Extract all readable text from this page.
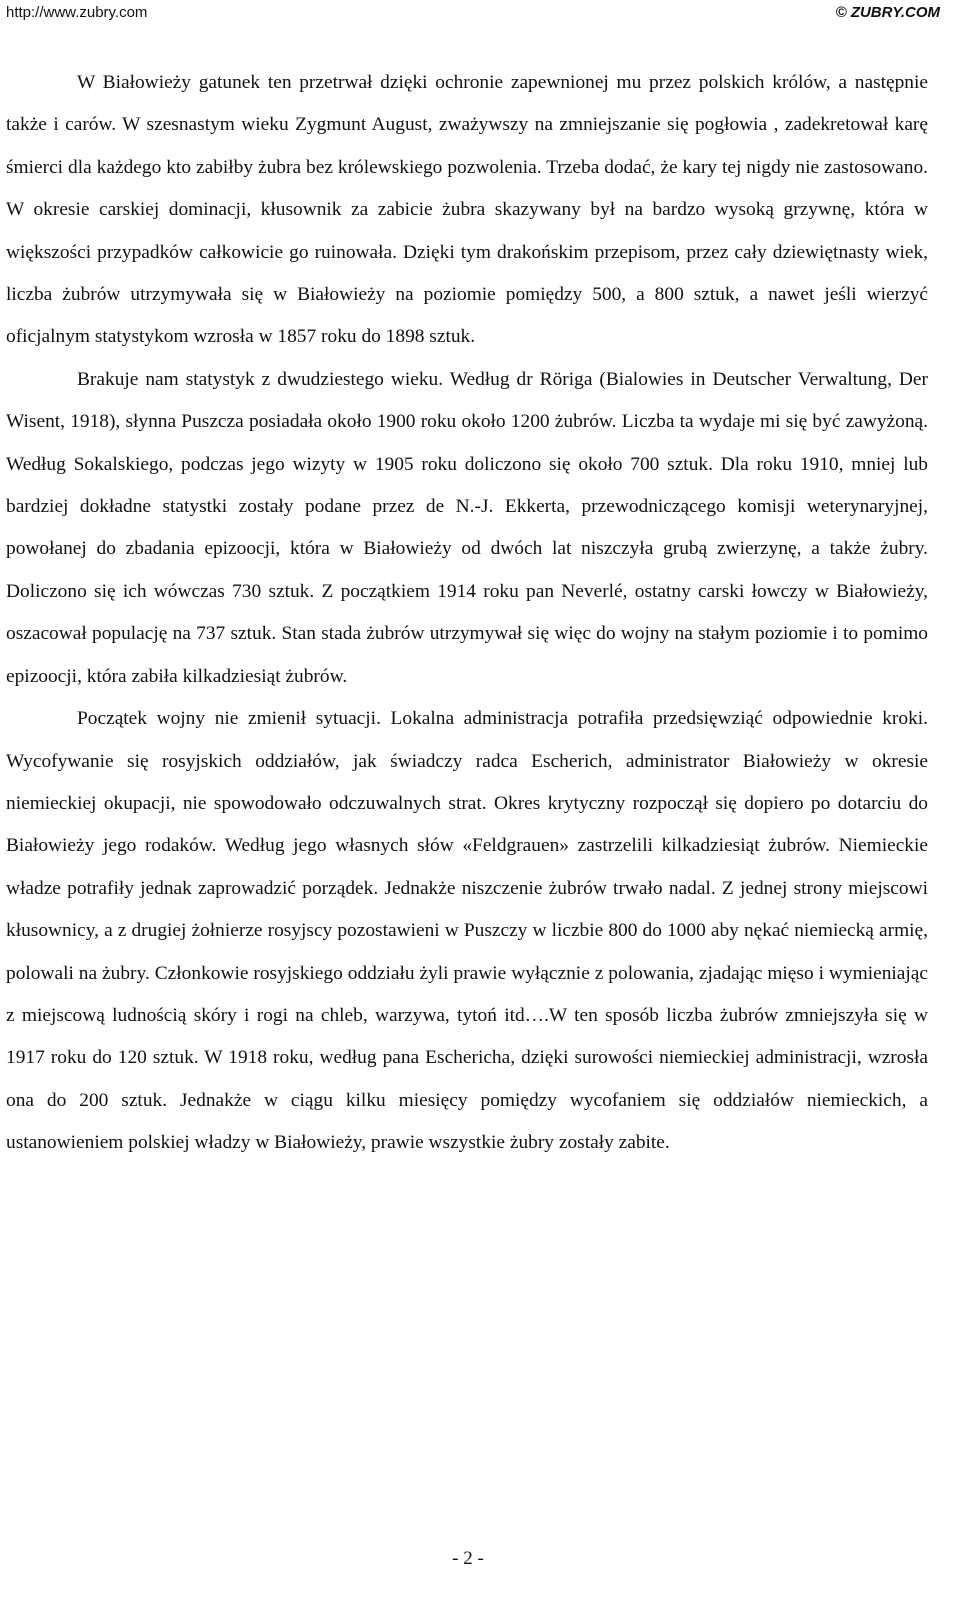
http://www.zubry.com	© ZUBRY.COM

W Białowieży gatunek ten przetrwał dzięki ochronie zapewnionej mu przez polskich królów, a następnie także i carów. W szesnastym wieku Zygmunt August, zważywszy na zmniejszanie się pogłowia , zadekretował karę śmierci dla każdego kto zabiłby żubra bez królewskiego pozwolenia. Trzeba dodać, że kary tej nigdy nie zastosowano. W okresie carskiej dominacji, kłusownik za zabicie żubra skazywany był na bardzo wysoką grzywnę, która w większości przypadków całkowicie go ruinowała. Dzięki tym drakońskim przepisom, przez cały dziewiętnasty wiek, liczba żubrów utrzymywała się w Białowieży na poziomie pomiędzy 500, a 800 sztuk, a nawet jeśli wierzyć oficjalnym statystykom wzrosła w 1857 roku do 1898 sztuk.

Brakuje nam statystyk z dwudziestego wieku. Według dr Röriga (Bialowies in Deutscher Verwaltung, Der Wisent, 1918), słynna Puszcza posiadała około 1900 roku około 1200 żubrów. Liczba ta wydaje mi się być zawyżoną. Według Sokalskiego, podczas jego wizyty w 1905 roku doliczono się około 700 sztuk. Dla roku 1910, mniej lub bardziej dokładne statystki zostały podane przez de N.-J. Ekkerta, przewodniczącego komisji weterynaryjnej, powołanej do zbadania epizoocji, która w Białowieży od dwóch lat niszczyła grubą zwierzynę, a także żubry. Doliczono się ich wówczas 730 sztuk. Z początkiem 1914 roku pan Neverlé, ostatny carski łowczy w Białowieży, oszacował populację na 737 sztuk. Stan stada żubrów utrzymywał się więc do wojny na stałym poziomie i to pomimo epizoocji, która zabiła kilkadziesiąt żubrów.

Początek wojny nie zmienił sytuacji. Lokalna administracja potrafiła przedsięwziąć odpowiednie kroki. Wycofywanie się rosyjskich oddziałów, jak świadczy radca Escherich, administrator Białowieży w okresie niemieckiej okupacji, nie spowodowało odczuwalnych strat. Okres krytyczny rozpoczął się dopiero po dotarciu do Białowieży jego rodaków. Według jego własnych słów «Feldgrauen» zastrzelili kilkadziesiąt żubrów. Niemieckie władze potrafiły jednak zaprowadzić porządek. Jednakże niszczenie żubrów trwało nadal. Z jednej strony miejscowi kłusownicy, a z drugiej żołnierze rosyjscy pozostawieni w Puszczy w liczbie 800 do 1000 aby nękać niemiecką armię, polowali na żubry. Członkowie rosyjskiego oddziału żyli prawie wyłącznie z polowania, zjadając mięso i wymieniając z miejscową ludnością skóry i rogi na chleb, warzywa, tytoń itd….W ten sposób liczba żubrów zmniejszyła się w 1917 roku do 120 sztuk. W 1918 roku, według pana Eschericha, dzięki surowości niemieckiej administracji, wzrosła ona do 200 sztuk. Jednakże w ciągu kilku miesięcy pomiędzy wycofaniem się oddziałów niemieckich, a ustanowieniem polskiej władzy w Białowieży, prawie wszystkie żubry zostały zabite.

- 2 -
